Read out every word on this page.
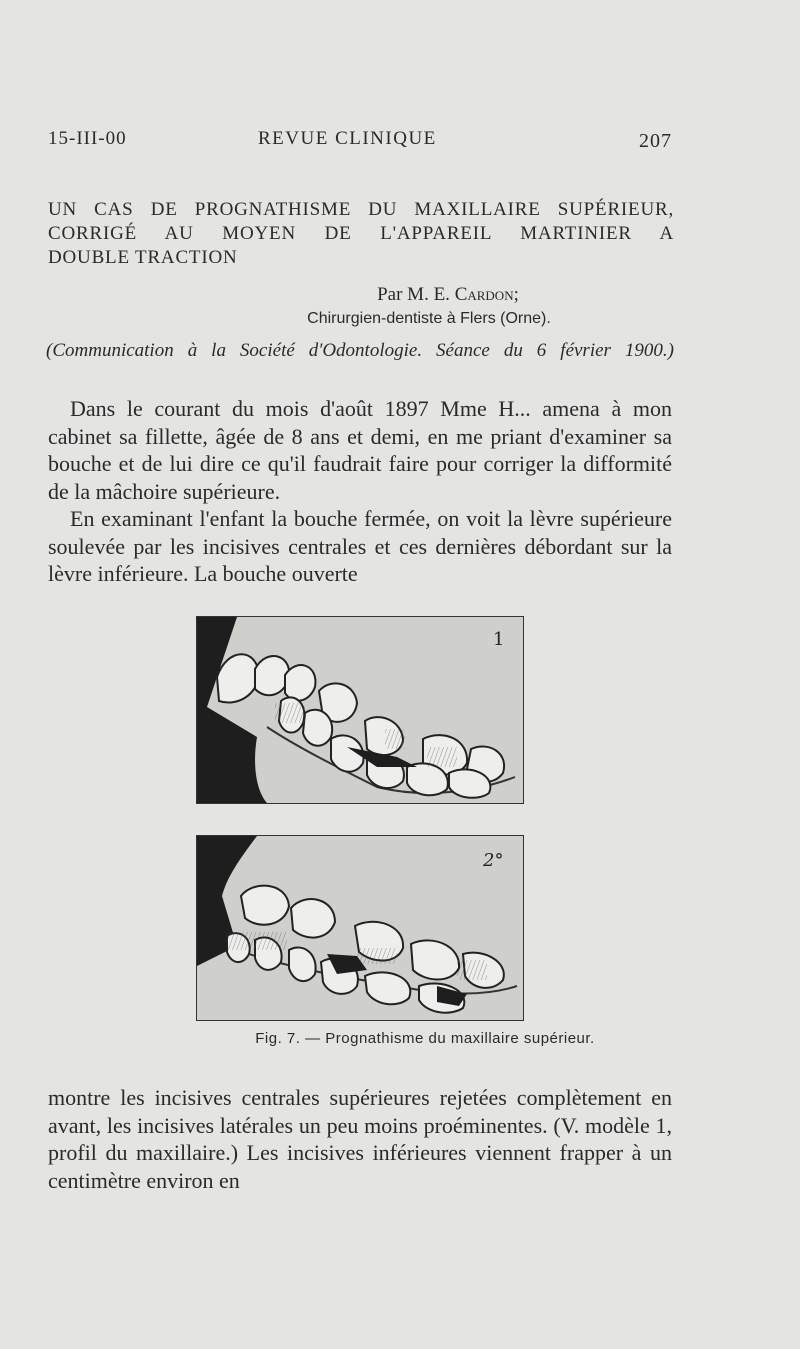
15-III-00	REVUE CLINIQUE	207
UN CAS DE PROGNATHISME DU MAXILLAIRE SUPÉRIEUR,
CORRIGÉ AU MOYEN DE L'APPAREIL MARTINIER A
DOUBLE TRACTION
Par M. E. Cardon;
Chirurgien-dentiste à Flers (Orne).
(Communication à la Société d'Odontologie. Séance du 6 février 1900.)

Dans le courant du mois d'août 1897 Mme H... amena à mon cabinet sa fillette, âgée de 8 ans et demi, en me priant d'examiner sa bouche et de lui dire ce qu'il faudrait faire pour corriger la difformité de la mâchoire supérieure.

En examinant l'enfant la bouche fermée, on voit la lèvre supérieure soulevée par les incisives centrales et ces dernières débordant sur la lèvre inférieure. La bouche ouverte

1
2°
Fig. 7. — Prognathisme du maxillaire supérieur.

montre les incisives centrales supérieures rejetées complètement en avant, les incisives latérales un peu moins proéminentes. (V. modèle 1, profil du maxillaire.) Les incisives inférieures viennent frapper à un centimètre environ en
